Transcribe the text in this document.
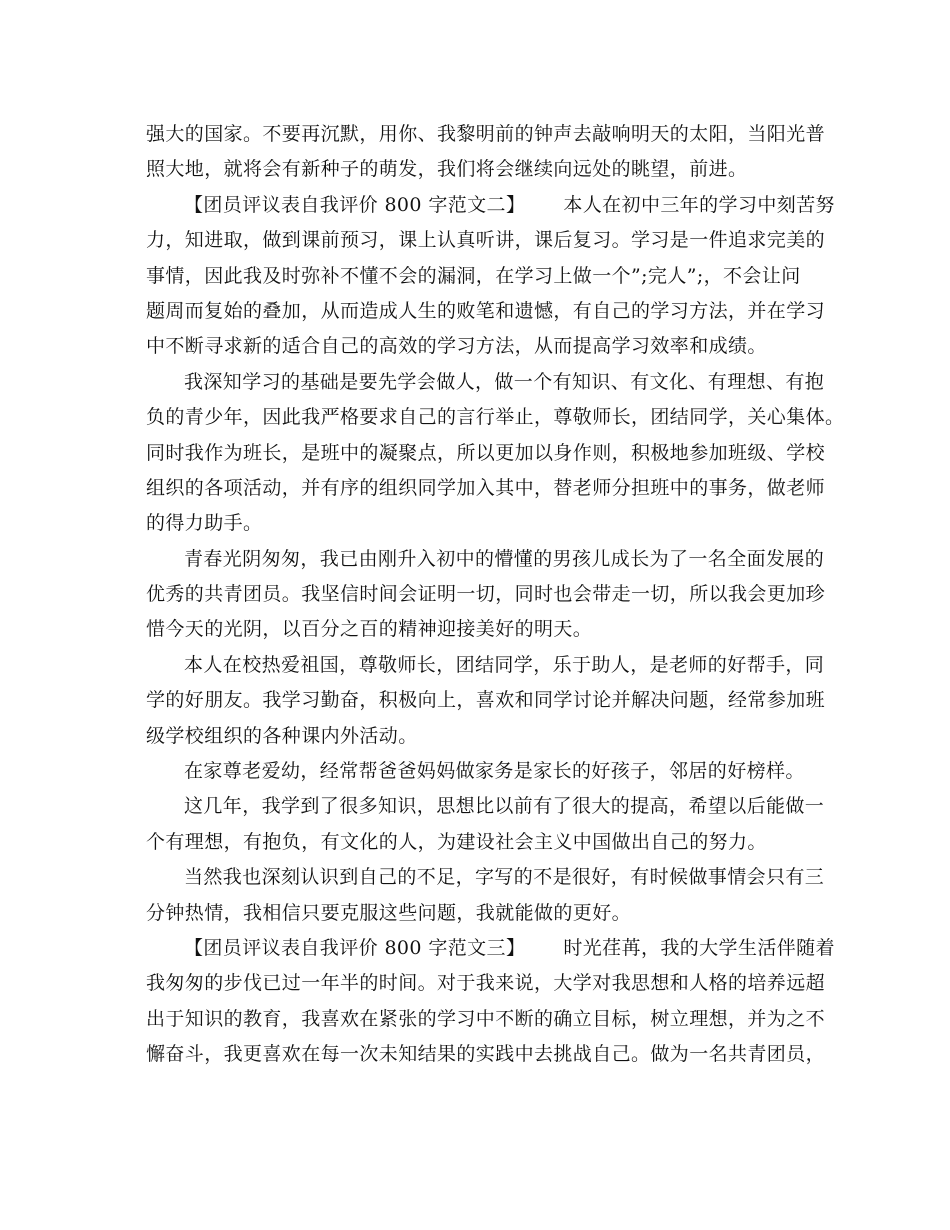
强大的国家。不要再沉默，用你、我黎明前的钟声去敲响明天的太阳，当阳光普
照大地，就将会有新种子的萌发，我们将会继续向远处的眺望，前进。
【团员评议表自我评价 800 字范文二】 本人在初中三年的学习中刻苦努
力，知进取，做到课前预习，课上认真听讲，课后复习。学习是一件追求完美的
事情，因此我及时弥补不懂不会的漏洞，在学习上做一个”;完人”;，不会让问
题周而复始的叠加，从而造成人生的败笔和遗憾，有自己的学习方法，并在学习
中不断寻求新的适合自己的高效的学习方法，从而提高学习效率和成绩。
我深知学习的基础是要先学会做人，做一个有知识、有文化、有理想、有抱
负的青少年，因此我严格要求自己的言行举止，尊敬师长，团结同学，关心集体。
同时我作为班长，是班中的凝聚点，所以更加以身作则，积极地参加班级、学校
组织的各项活动，并有序的组织同学加入其中，替老师分担班中的事务，做老师
的得力助手。
青春光阴匆匆，我已由刚升入初中的懵懂的男孩儿成长为了一名全面发展的
优秀的共青团员。我坚信时间会证明一切，同时也会带走一切，所以我会更加珍
惜今天的光阴，以百分之百的精神迎接美好的明天。
本人在校热爱祖国，尊敬师长，团结同学，乐于助人，是老师的好帮手，同
学的好朋友。我学习勤奋，积极向上，喜欢和同学讨论并解决问题，经常参加班
级学校组织的各种课内外活动。
在家尊老爱幼，经常帮爸爸妈妈做家务是家长的好孩子，邻居的好榜样。
这几年，我学到了很多知识，思想比以前有了很大的提高，希望以后能做一
个有理想，有抱负，有文化的人，为建设社会主义中国做出自己的努力。
当然我也深刻认识到自己的不足，字写的不是很好，有时候做事情会只有三
分钟热情，我相信只要克服这些问题，我就能做的更好。
【团员评议表自我评价 800 字范文三】 时光荏苒，我的大学生活伴随着
我匆匆的步伐已过一年半的时间。对于我来说，大学对我思想和人格的培养远超
出于知识的教育，我喜欢在紧张的学习中不断的确立目标，树立理想，并为之不
懈奋斗，我更喜欢在每一次未知结果的实践中去挑战自己。做为一名共青团员，
